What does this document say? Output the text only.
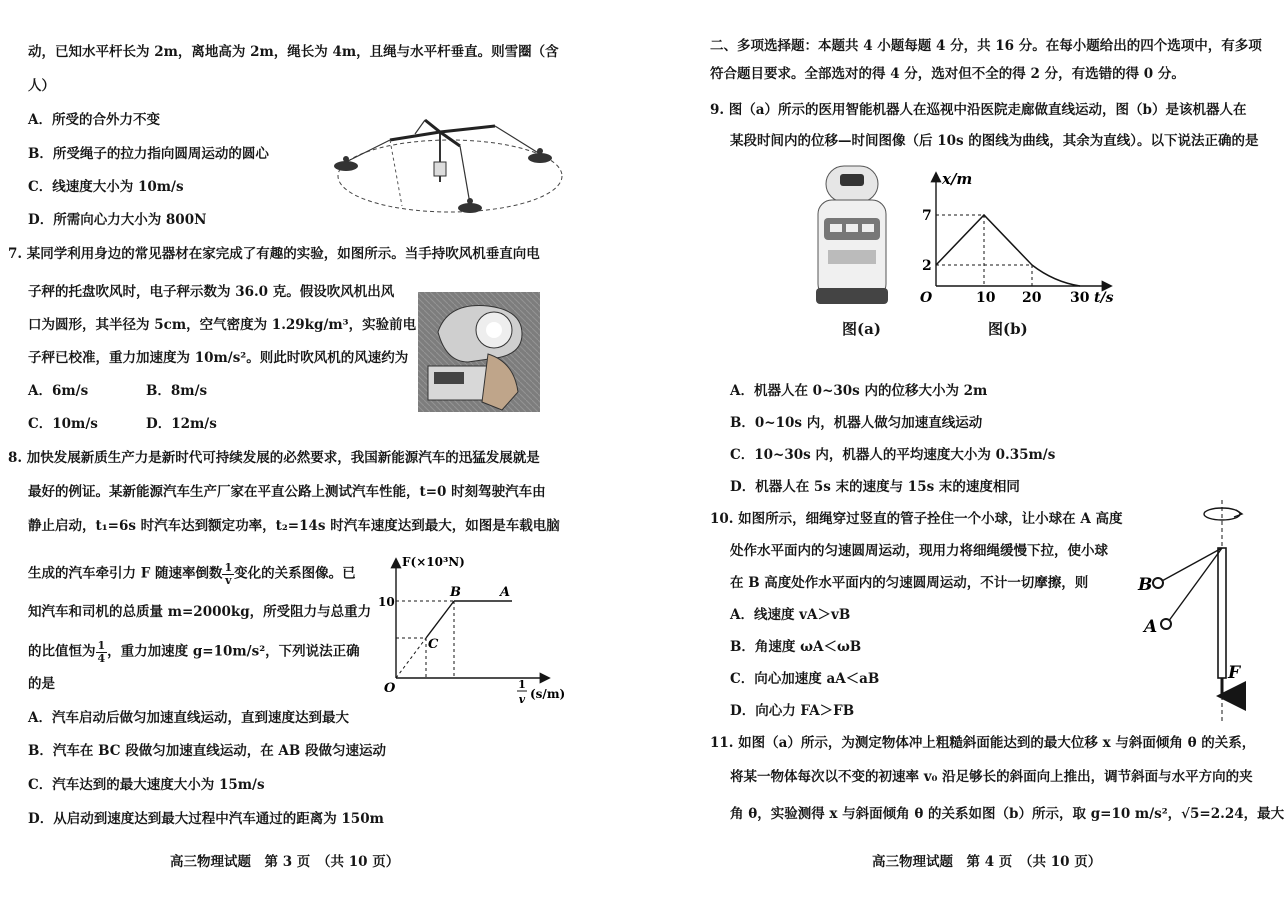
动，已知水平杆长为 2m，离地高为 2m，绳长为 4m，且绳与水平杆垂直。则雪圈（含
人）
A．所受的合外力不变
B．所受绳子的拉力指向圆周运动的圆心
C．线速度大小为 10m/s
D．所需向心力大小为 800N
7. 某同学利用身边的常见器材在家完成了有趣的实验，如图所示。当手持吹风机垂直向电
子秤的托盘吹风时，电子秤示数为 36.0 克。假设吹风机出风
口为圆形，其半径为 5cm，空气密度为 1.29kg/m³，实验前电
子秤已校准，重力加速度为 10m/s²。则此时吹风机的风速约为
A．6m/s	B．8m/s
C．10m/s	D．12m/s
8. 加快发展新质生产力是新时代可持续发展的必然要求，我国新能源汽车的迅猛发展就是
最好的例证。某新能源汽车生产厂家在平直公路上测试汽车性能，t=0 时刻驾驶汽车由
静止启动，t₁=6s 时汽车达到额定功率，t₂=14s 时汽车速度达到最大，如图是车载电脑
生成的汽车牵引力 F 随速率倒数 $\frac{1}{v}$ 变化的关系图像。已
知汽车和司机的总质量 m=2000kg，所受阻力与总重力
的比值恒为 $\frac{1}{4}$ ，重力加速度 g=10m/s²，下列说法正确
的是
A．汽车启动后做匀加速直线运动，直到速度达到最大
B．汽车在 BC 段做匀加速直线运动，在 AB 段做匀速运动
C．汽车达到的最大速度大小为 15m/s
D．从启动到速度达到最大过程中汽车通过的距离为 150m
F(×10³N)
10
O
B	A
C
1
v (s/m)
高三物理试题　第 3 页　（共 10 页）
二、多项选择题：本题共 4 小题每题 4 分，共 16 分。在每小题给出的四个选项中，有多项
符合题目要求。全部选对的得 4 分，选对但不全的得 2 分，有选错的得 0 分。
9. 图（a）所示的医用智能机器人在巡视中沿医院走廊做直线运动，图（b）是该机器人在
某段时间内的位移—时间图像（后 10s 的图线为曲线，其余为直线）。以下说法正确的是
图(a)
x/m
7
2
O	10 20 30 t/s
图(b)
A．机器人在 0~30s 内的位移大小为 2m
B．0~10s 内，机器人做匀加速直线运动
C．10~30s 内，机器人的平均速度大小为 0.35m/s
D．机器人在 5s 末的速度与 15s 末的速度相同
10. 如图所示，细绳穿过竖直的管子拴住一个小球，让小球在 A 高度
处作水平面内的匀速圆周运动，现用力将细绳缓慢下拉，使小球
在 B 高度处作水平面内的匀速圆周运动，不计一切摩擦，则
A．线速度 vA＞vB
B．角速度 ωA＜ωB
C．向心加速度 aA＜aB
D．向心力 FA＞FB
B
A
F
11. 如图（a）所示，为测定物体冲上粗糙斜面能达到的最大位移 x 与斜面倾角 θ 的关系，
将某一物体每次以不变的初速率 v₀ 沿足够长的斜面向上推出，调节斜面与水平方向的夹
角 θ，实验测得 x 与斜面倾角 θ 的关系如图（b）所示，取 g=10 m/s²，√5=2.24，最大
高三物理试题　第 4 页　（共 10 页）
